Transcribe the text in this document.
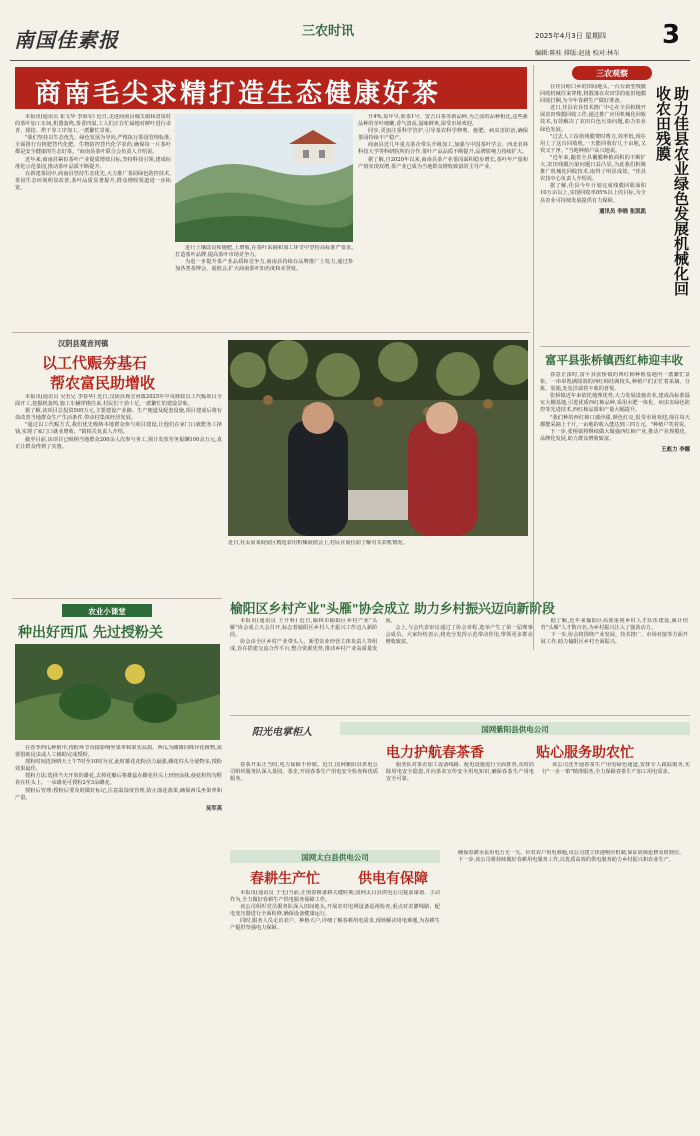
南国佳素报	三农时讯	2025年4月3日 星期四 3
编辑:陈桂 排版:赵迪 校对:林东
商南毛尖求精打造生态健康好茶

本报讯(通讯员 崔文华 李海军) 近日,走进商南县城关镇和清泉村的茶叶加工车间,机器轰鸣,茶香四溢,工人们正在忙碌地对鲜叶进行杀青、揉捻、烘干等工序加工,一派繁忙景象。

"我们坚持以生态优先、绿色发展为导向,严格执行茶园管理标准,全面推行有机肥替代化肥、生物防控替代化学农药,确保每一片茶叶都是安全健康的生态好茶。"商南县茶叶联合会负责人介绍说。

近年来,商南县紧扣茶叶产业提质增效目标,坚持科技引领,建成标准化示范茶园,推动茶叶品质不断提升。

在新建茶园中,商南县坚持生态优先,大力推广茶园绿色防控技术,茶园生态环境明显改善,茶叶品质显著提升,群众增收渠道进一步拓宽。

进行土壤改良和施肥,上增收,在茶叶采摘和加工环节中坚持高标准严要求,打造茶叶品牌,提高茶叶市场竞争力。

为进一步提升茶产业品质和竞争力,商南县持续在品牌推广上发力,通过参加各类茶博会、展销会,扩大商南茶叶知名度和美誉度。

升4%,每年早,陕茶1号、安吉白茶等新品种,为之前的品种相比,这些新品种的芽叶细嫩,香气清高,滋味鲜爽,深受市场欢迎。

同步,更加注重科学管护,引导茶农科学修剪、施肥、病虫害防治,确保茶园持续丰产稳产。

商南县近几年重点茶企带头升级加工,加强与中国茶叶学会、西北农林科技大学等科研院所的合作,茶叶产品品质不断提升,品牌影响力持续扩大。

据了解,自2020年以来,商南县茶产业茶园面积稳步增长,茶叶年产量和产值实现双增,茶产业已成为当地群众增收致富的主导产业。

三农观察

在佳县峪口乡的田间地头,一台台新型残膜回收机械往来穿梭,将散落在农田里的废旧地膜回收打捆,为今年春耕生产做好准备。

近日,佳县农业技术推广中心在全县积极开展农田残膜回收工作,通过推广应用机械化回收技术,有效解决了农田白色污染问题,助力农业绿色发展。

"过去人工捡拾残膜费时费力,效率低,现在用上了这台回收机,一天能回收好几十亩地,又快又干净。"当地种植户高兴地说。

"近年来,随着全县覆膜种植面积的不断扩大,农田残膜污染问题日益凸显,为此我们积极推广机械化回收技术,取得了明显成效。"佳县农技中心负责人介绍说。

据了解,佳县今年计划完成残膜回收面积10万亩以上,实现回收率85%以上的目标,为全县农业可持续发展提供有力保障。

通讯员 李晓 张凯凯	助力佳县农业绿色发展机械化回收农田残膜
富平县张桥镇西红柿迎丰收

春意正浓时,富平县张桥镇的西红柿种植基地内一派繁忙景象。一串串饱满圆润的西红柿挂满枝头,种植户们正忙着采摘、分拣、装箱,处处洋溢着丰收的喜悦。

张桥镇近年来依托地理优势,大力发展设施农业,建成高标准温室大棚基地,引进优质西红柿品种,采用水肥一体化、病虫害绿色防控等先进技术,西红柿品质和产量大幅提升。

"我们种的西红柿口感沙甜,颜色红亮,很受市场欢迎,现在每天都能采摘上千斤,一亩地的收入能达到三四万元。"种植户笑着说。

下一步,张桥镇将继续做大做强西红柿产业,推动产业规模化、品牌化发展,助力群众增收致富。

王彪力 李娜
汉阴县观音河镇
以工代赈夯基石
帮农富民助增收

本报讯(通讯员 吴若兄 李春华) 近日,汉阴县观音河镇2025年中央财政以工代赈项目全面开工,挖掘机轰鸣,施工车辆穿梭往来,村民们干劲十足,一派繁忙的建设景象。

据了解,该项目总投资500万元,主要建设产业路、生产便道及配套设施,项目建成后将有效改善当地群众生产生活条件,带动村集体经济发展。

"通过以工代赈方式,我们优先吸纳本地群众参与项目建设,让他们在家门口就能务工挣钱,实现了家门口就业增收。"镇相关负责人介绍。

截至目前,该项目已吸纳当地群众200余人次参与务工,预计发放劳务报酬100余万元,真正让群众得到了实惠。

近日,在太原某商贸区精选农用机械展销会上,村民在展位前了解有关农机情况。
农业小课堂
种出好西瓜 先过授粉关

在春季西瓜种植中,授粉环节直接影响坐果率和果实品质。西瓜为雌雄同株异花植物,需要借助昆虫或人工辅助完成授粉。

授粉时间选择晴天上午7时至10时为宜,此时雄花花粉活力最强,雌花柱头分泌物多,授粉效果最佳。

授粉方法:选择当天开放的雄花,去掉花瓣后将雄蕊在雌花柱头上轻轻涂抹,使花粉均匀附着在柱头上。一朵雄花可授粉2至3朵雌花。

授粉后管理:授粉后要及时做好标记,注意温湿度管理,防止落花落果,确保西瓜坐果率和产量。

吴军英
榆阳区乡村产业"头雁"协会成立 助力乡村振兴迈向新阶段

本报讯(通讯员 王升科) 近日,榆林市榆阳区乡村产业"头雁"协会成立大会召开,标志着榆阳区乡村人才振兴工作迈入新阶段。

协会由全区乡村产业带头人、新型农业经营主体负责人等组成,旨在搭建交流合作平台,整合资源优势,推动乡村产业高质量发展。

会上,与会代表审议通过了协会章程,选举产生了第一届理事会成员。大家纷纷表示,将充分发挥示范带动作用,带领更多群众增收致富。

据了解,近年来榆阳区高度重视乡村人才队伍建设,累计培育"头雁"人才数百名,为乡村振兴注入了强劲动力。

下一步,协会将围绕产业发展、技术推广、市场对接等方面开展工作,助力榆阳区乡村全面振兴。

阳光电掌柜人	国网紫阳县供电公司
电力护航春茶香	贴心服务助农忙

春茶开采正当时,电力保障不停歇。近日,国网紫阳县供电公司组织服务队深入茶园、茶企,开展春茶生产用电安全检查和优质服务。

服务队对茶企加工设备线路、配电设施进行全面排查,及时消除用电安全隐患,并向茶农宣传安全用电知识,确保春茶生产用电安全可靠。

该公司还开通春茶生产用电绿色通道,安排专人跟踪服务,实行"一企一策"精准服务,全力保障春茶生产加工用电需求。

国网太白县供电公司
春耕生产忙	供电有保障

本报讯(通讯员 于无)当前,正值春耕备耕关键时期,国网太白县供电公司提前谋划、主动作为,全力做好春耕生产供电服务保障工作。

该公司组织党员服务队深入田间地头,开展农村电网设备巡视检查,重点对农灌线路、配电变压器进行全面检修,确保设备健康运行。

同时,服务人员走访农户、种植大户,详细了解春耕用电需求,现场解决用电难题,为春耕生产提供坚强电力保障。

确保春灌水泵用电万无一失。针对农户用电难题,该公司建立快速响应机制,保证故障抢修及时到位。

下一步,该公司将持续做好春耕用电服务工作,以优质高效的供电服务助力乡村振兴和农业生产。
